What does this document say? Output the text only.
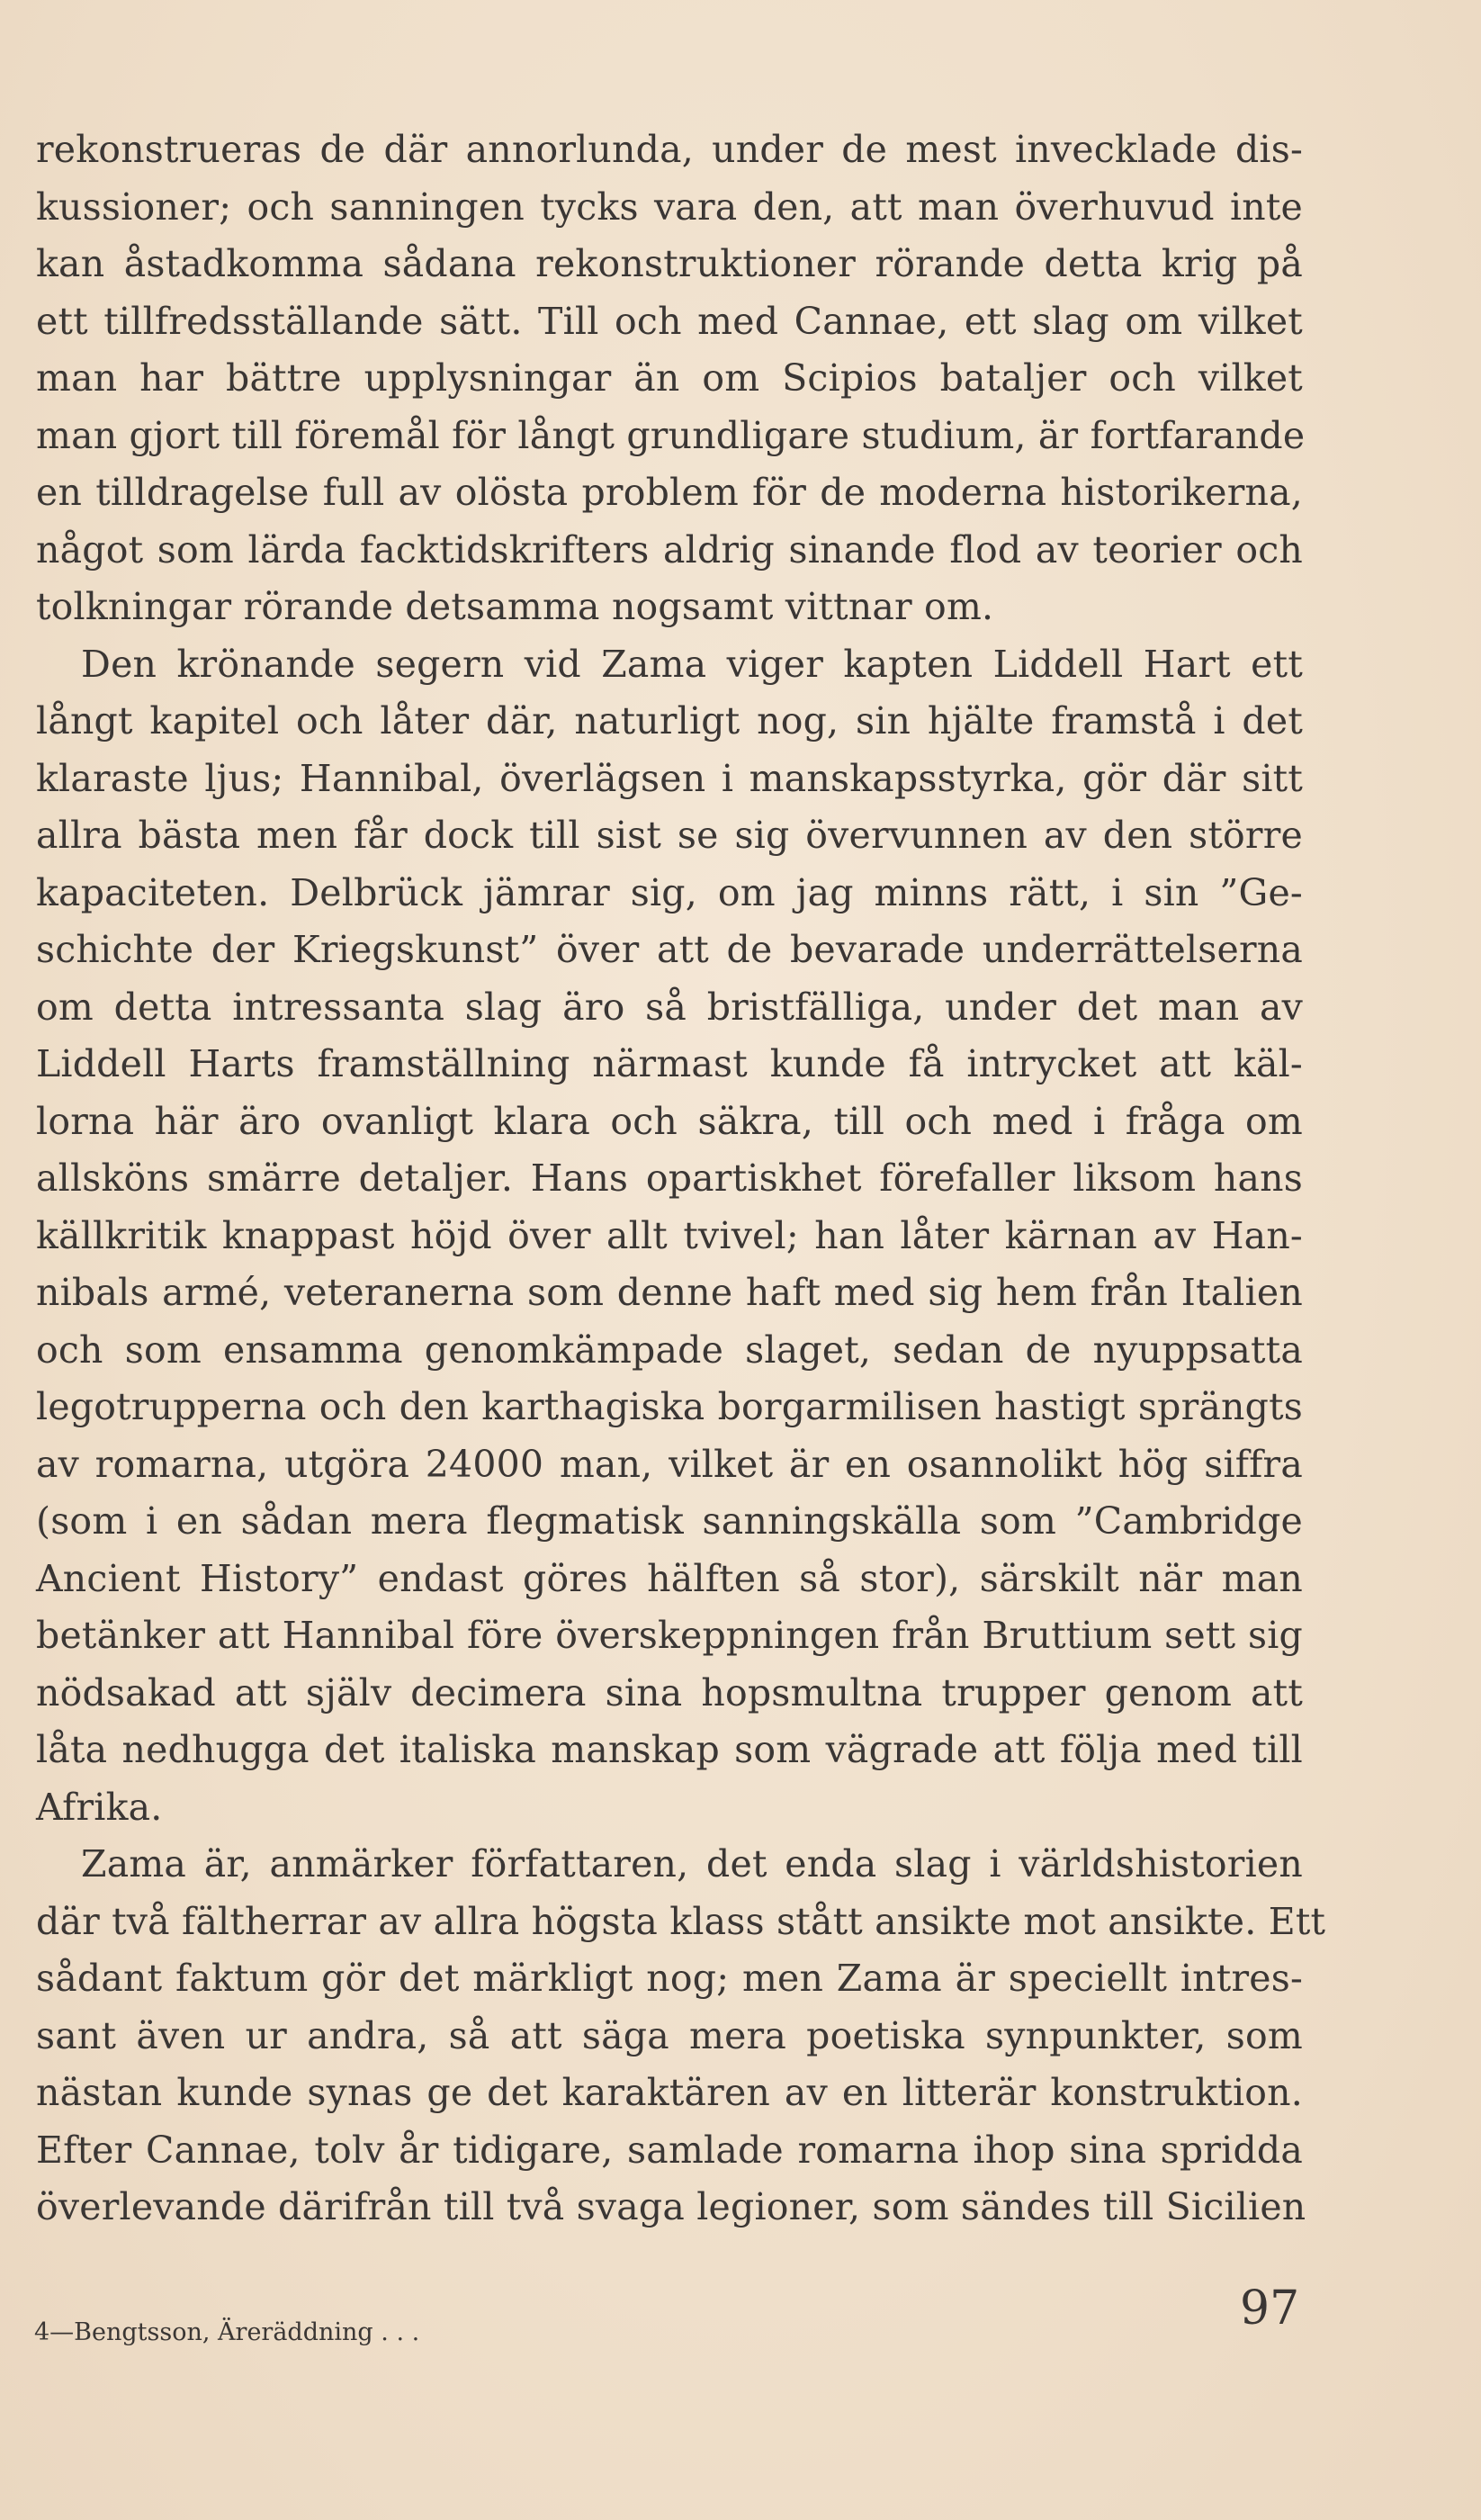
rekonstrueras de där annorlunda, under de mest invecklade dis-
kussioner; och sanningen tycks vara den, att man överhuvud inte
kan åstadkomma sådana rekonstruktioner rörande detta krig på
ett tillfredsställande sätt. Till och med Cannae, ett slag om vilket
man har bättre upplysningar än om Scipios bataljer och vilket
man gjort till föremål för långt grundligare studium, är fortfarande
en tilldragelse full av olösta problem för de moderna historikerna,
något som lärda facktidskrifters aldrig sinande flod av teorier och
tolkningar rörande detsamma nogsamt vittnar om.
Den krönande segern vid Zama viger kapten Liddell Hart ett
långt kapitel och låter där, naturligt nog, sin hjälte framstå i det
klaraste ljus; Hannibal, överlägsen i manskapsstyrka, gör där sitt
allra bästa men får dock till sist se sig övervunnen av den större
kapaciteten. Delbrück jämrar sig, om jag minns rätt, i sin ”Ge-
schichte der Kriegskunst” över att de bevarade underrättelserna
om detta intressanta slag äro så bristfälliga, under det man av
Liddell Harts framställning närmast kunde få intrycket att käl-
lorna här äro ovanligt klara och säkra, till och med i fråga om
allsköns smärre detaljer. Hans opartiskhet förefaller liksom hans
källkritik knappast höjd över allt tvivel; han låter kärnan av Han-
nibals armé, veteranerna som denne haft med sig hem från Italien
och som ensamma genomkämpade slaget, sedan de nyuppsatta
legotrupperna och den karthagiska borgarmilisen hastigt sprängts
av romarna, utgöra 24000 man, vilket är en osannolikt hög siffra
(som i en sådan mera flegmatisk sanningskälla som ”Cambridge
Ancient History” endast göres hälften så stor), särskilt när man
betänker att Hannibal före överskeppningen från Bruttium sett sig
nödsakad att själv decimera sina hopsmultna trupper genom att
låta nedhugga det italiska manskap som vägrade att följa med till
Afrika.
Zama är, anmärker författaren, det enda slag i världshistorien
där två fältherrar av allra högsta klass stått ansikte mot ansikte. Ett
sådant faktum gör det märkligt nog; men Zama är speciellt intres-
sant även ur andra, så att säga mera poetiska synpunkter, som
nästan kunde synas ge det karaktären av en litterär konstruktion.
Efter Cannae, tolv år tidigare, samlade romarna ihop sina spridda
överlevande därifrån till två svaga legioner, som sändes till Sicilien
4—Bengtsson, Äreräddning . . .	97
